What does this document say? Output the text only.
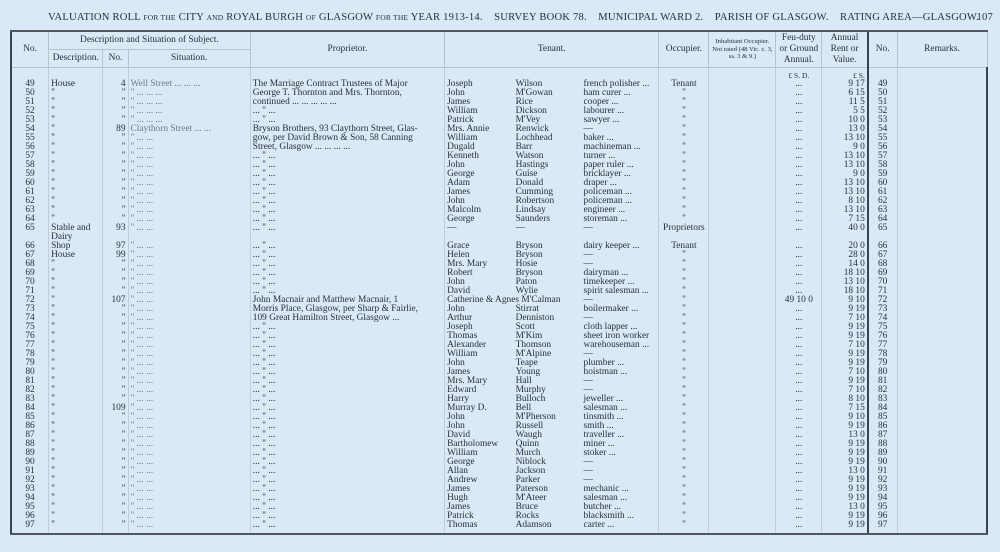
VALUATION ROLL FOR THE CITY AND ROYAL BURGH OF GLASGOW FOR THE YEAR 1913-14. SURVEY BOOK 78. MUNICIPAL WARD 2. PARISH OF GLASGOW. RATING AREA—GLASGOW.
107
No.	Description and Situation of Subject.			Proprietor.	Tenant.			Occupier.	Inhabitant Occupier. Not rated (48 Vic. c. 3, ss. 3 & 9.)	Feu-duty or Ground Annual.	Annual Rent or Value.	No.	Remarks.
	Description.	No.	Situation.										
										£ S. D.	£ S.		
49	House	4	Well Street ... ... ...	The Marriage Contract Trustees of Major	Joseph	Wilson	french polisher ...	Tenant		...	9 17	49	
50	"	"	" ... ... ...	George T. Thornton and Mrs. Thornton,	John	M'Gowan	ham curer ...	"		...	6 15	50	
51	"	"	" ... ... ...	continued ... ... ... ... ...	James	Rice	cooper ...	"		...	11 5	51	
52	"	"	" ... ... ...	... " ...	William	Dickson	labourer ...	"		...	5 5	52	
53	"	"	" ... ... ...	... " ...	Patrick	M'Vey	sawyer ...	"		...	10 0	53	
54	"	89	Claythorn Street ... ...	Bryson Brothers, 93 Claythorn Street, Glas-	Mrs. Annie	Renwick	—	"		...	13 0	54	
55	"	"	" ... ...	gow, per David Brown & Son, 58 Canning	William	Lochhead	baker ...	"		...	13 10	55	
56	"	"	" ... ...	Street, Glasgow ... ... ... ...	Dugald	Barr	machineman ...	"		...	9 0	56	
57	"	"	" ... ...	... " ...	Kenneth	Watson	turner ...	"		...	13 10	57	
58	"	"	" ... ...	... " ...	John	Hastings	paper ruler ...	"		...	13 10	58	
59	"	"	" ... ...	... " ...	George	Guise	bricklayer ...	"		...	9 0	59	
60	"	"	" ... ...	... " ...	Adam	Donald	draper ...	"		...	13 10	60	
61	"	"	" ... ...	... " ...	James	Cumming	policeman ...	"		...	13 10	61	
62	"	"	" ... ...	... " ...	John	Robertson	policeman ...	"		...	8 10	62	
63	"	"	" ... ...	... " ...	Malcolm	Lindsay	engineer ...	"		...	13 10	63	
64	"	"	" ... ...	... " ...	George	Saunders	storeman ...	"		...	7 15	64	
65	Stable and	93	" ... ...	... " ...	—	—	—	Proprietors		...	40 0	65	
	Dairy												
66	Shop	97	" ... ...	... " ...	Grace	Bryson	dairy keeper ...	Tenant		...	20 0	66	
67	House	99	" ... ...	... " ...	Helen	Bryson	—	"		...	28 0	67	
68	"	"	" ... ...	... " ...	Mrs. Mary	Hosie	—	"		...	14 0	68	
69	"	"	" ... ...	... " ...	Robert	Bryson	dairyman ...	"		...	18 10	69	
70	"	"	" ... ...	... " ...	John	Paton	timekeeper ...	"		...	13 10	70	
71	"	"	" ... ...	... " ...	David	Wylie	spirit salesman ...	"		...	18 10	71	
72	"	107	" ... ...	John Macnair and Matthew Macnair, 1	Catherine & Agnes M'Calman		—	"		49 10 0	9 10	72	
73	"	"	" ... ...	Morris Place, Glasgow, per Sharp & Fairlie,	John	Stirrat	boilermaker ...	"		...	9 19	73	
74	"	"	" ... ...	109 Great Hamilton Street, Glasgow ...	Arthur	Denniston	—	"		...	7 10	74	
75	"	"	" ... ...	... " ...	Joseph	Scott	cloth lapper ...	"		...	9 19	75	
76	"	"	" ... ...	... " ...	Thomas	M'Kim	sheet iron worker	"		...	9 19	76	
77	"	"	" ... ...	... " ...	Alexander	Thomson	warehouseman ...	"		...	7 10	77	
78	"	"	" ... ...	... " ...	William	M'Alpine	—	"		...	9 19	78	
79	"	"	" ... ...	... " ...	John	Teape	plumber ...	"		...	9 19	79	
80	"	"	" ... ...	... " ...	James	Young	hoistman ...	"		...	7 10	80	
81	"	"	" ... ...	... " ...	Mrs. Mary	Hall	—	"		...	9 19	81	
82	"	"	" ... ...	... " ...	Edward	Murphy	—	"		...	7 10	82	
83	"	"	" ... ...	... " ...	Harry	Bulloch	jeweller ...	"		...	8 10	83	
84	"	109	" ... ...	... " ...	Murray D.	Bell	salesman ...	"		...	7 15	84	
85	"	"	" ... ...	... " ...	John	M'Pherson	tinsmith ...	"		...	9 10	85	
86	"	"	" ... ...	... " ...	John	Russell	smith ...	"		...	9 19	86	
87	"	"	" ... ...	... " ...	David	Waugh	traveller ...	"		...	13 0	87	
88	"	"	" ... ...	... " ...	Bartholomew	Quinn	miner ...	"		...	9 19	88	
89	"	"	" ... ...	... " ...	William	Murch	stoker ...	"		...	9 19	89	
90	"	"	" ... ...	... " ...	George	Niblock	—	"		...	9 19	90	
91	"	"	" ... ...	... " ...	Allan	Jackson	—	"		...	13 0	91	
92	"	"	" ... ...	... " ...	Andrew	Parker	—	"		...	9 19	92	
93	"	"	" ... ...	... " ...	James	Paterson	mechanic ...	"		...	9 19	93	
94	"	"	" ... ...	... " ...	Hugh	M'Ateer	salesman ...	"		...	9 19	94	
95	"	"	" ... ...	... " ...	James	Bruce	butcher ...	"		...	13 0	95	
96	"	"	" ... ...	... " ...	Patrick	Rocks	blacksmith ...	"		...	9 19	96	
97	"	"	" ... ...	... " ...	Thomas	Adamson	carter ...	"		...	9 19	97	
